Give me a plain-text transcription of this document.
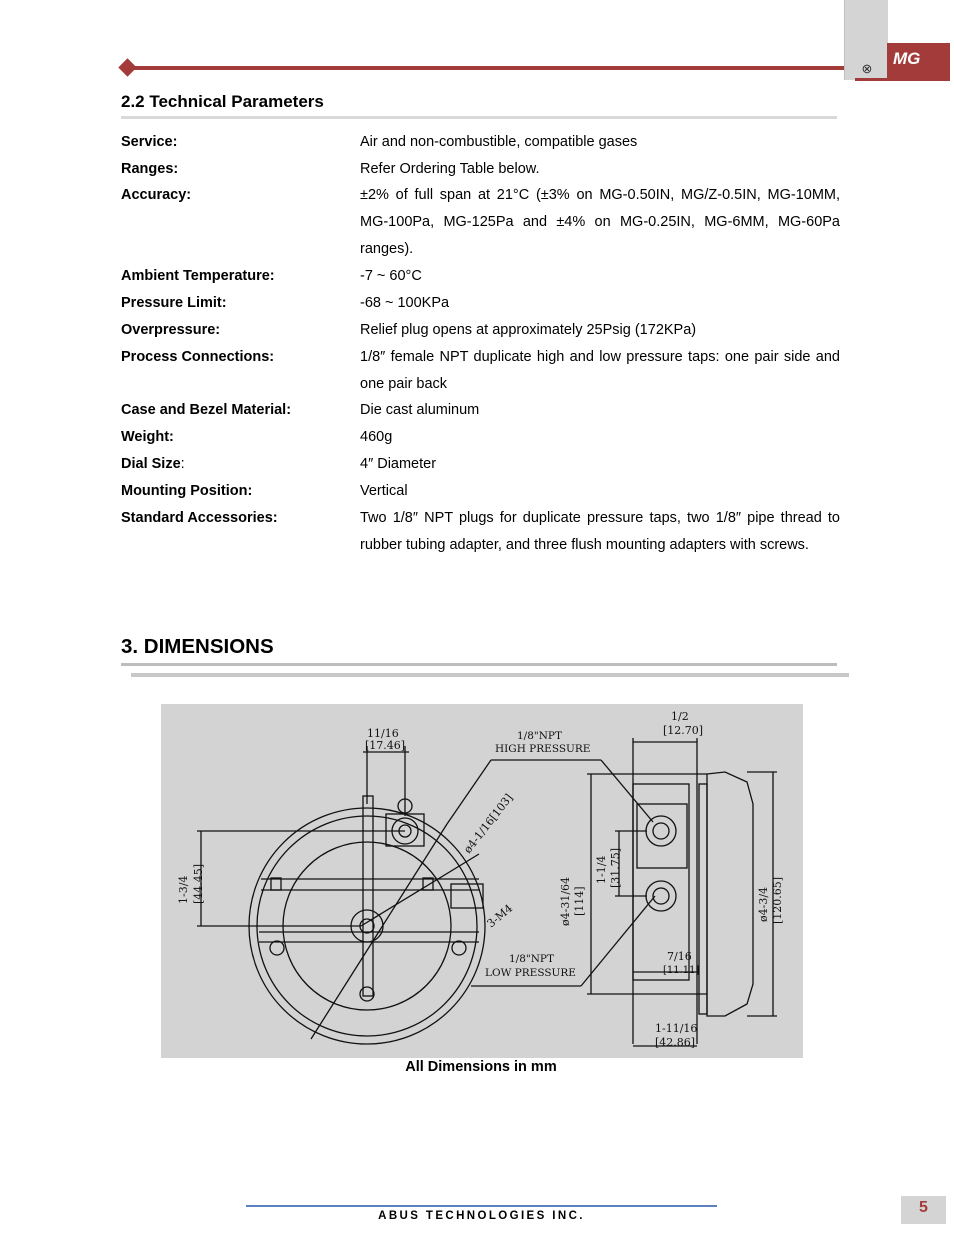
⊗
MG
2.2 Technical Parameters
Service:	Air and non-combustible, compatible gases
Ranges:	Refer Ordering Table below.
Accuracy:	±2% of full span at 21°C (±3% on MG-0.50IN, MG/Z-0.5IN, MG-10MM, MG-100Pa, MG-125Pa and ±4% on MG-0.25IN, MG-6MM, MG-60Pa ranges).
Ambient Temperature:	-7 ~ 60°C
Pressure Limit:	-68 ~ 100KPa
Overpressure:	Relief plug opens at approximately 25Psig (172KPa)
Process Connections:	1/8″ female NPT duplicate high and low pressure taps: one pair side and one pair back
Case and Bezel Material:	Die cast aluminum
Weight:	460g
Dial Size:	4″ Diameter
Mounting Position:	Vertical
Standard Accessories:	Two 1/8″ NPT plugs for duplicate pressure taps, two 1/8″ pipe thread to rubber tubing adapter, and three flush mounting adapters with screws.
3. DIMENSIONS
11/16
[17.46]
1/8"NPT
HIGH PRESSURE
1/2
[12.70]
ø4-1/16[103]
1-3/4 [44.45]
3-M4	ø4-31/64 [114]
1-1/4 [31.75]
ø4-3/4 [120.65]
1/8"NPT
LOW PRESSURE
7/16
[11.11]
1-11/16
[42.86]
All Dimensions in mm
ABUS TECHNOLOGIES INC.	5
